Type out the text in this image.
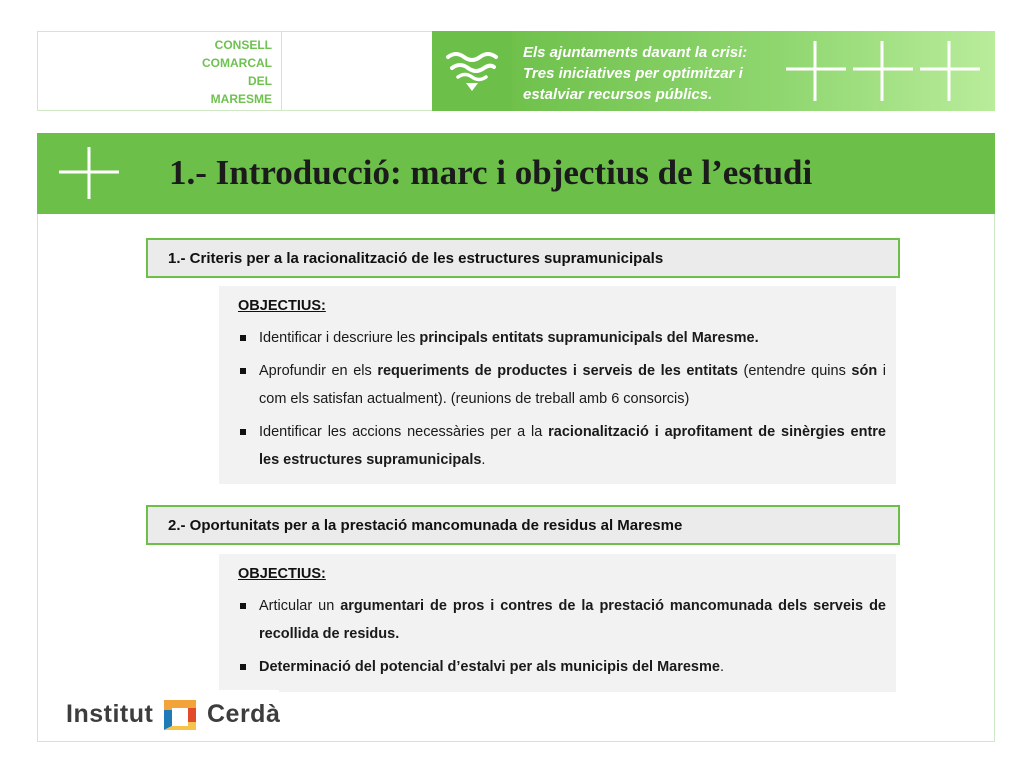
CONSELL
COMARCAL
DEL
MARESME
Els ajuntaments davant la crisi:
Tres iniciatives per optimitzar i
estalviar recursos públics.
1.- Introducció: marc i objectius de l’estudi
1.- Criteris per a la racionalització de les estructures supramunicipals
OBJECTIUS:
Identificar i descriure les principals entitats supramunicipals del Maresme.
Aprofundir en els requeriments de productes i serveis de les entitats (entendre quins són i com els satisfan actualment). (reunions de treball amb 6 consorcis)
Identificar les accions necessàries per a la racionalització i aprofitament de sinèrgies entre les estructures supramunicipals.
2.- Oportunitats per a la prestació mancomunada de residus al Maresme
OBJECTIUS:
Articular un argumentari de pros i contres de la prestació mancomunada dels serveis de recollida de residus.
Determinació del potencial d’estalvi per als municipis del Maresme.
Institut Cerdà
